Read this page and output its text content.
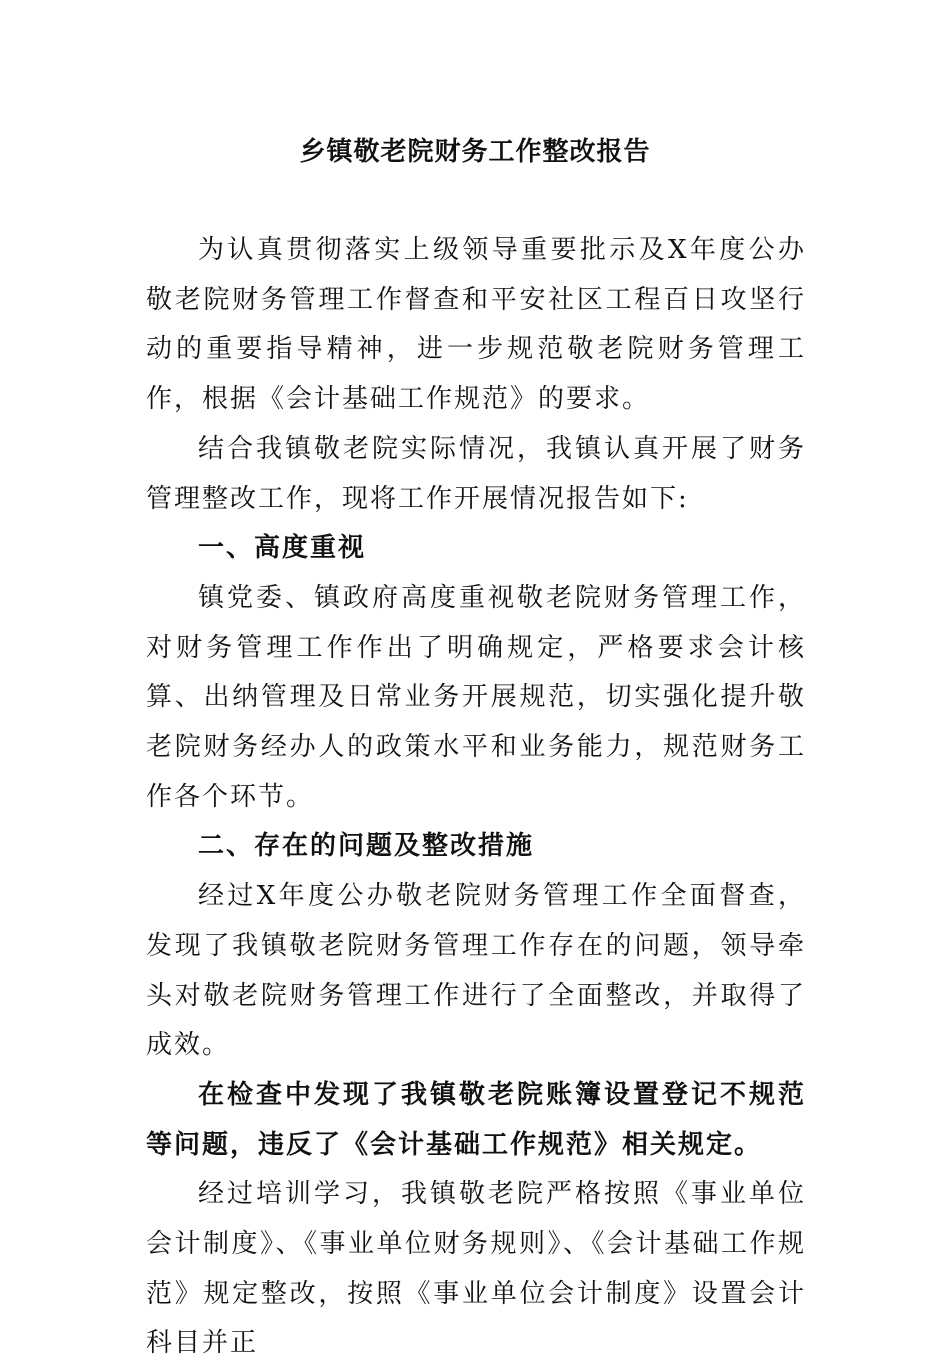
乡镇敬老院财务工作整改报告

为认真贯彻落实上级领导重要批示及X年度公办敬老院财务管理工作督查和平安社区工程百日攻坚行动的重要指导精神，进一步规范敬老院财务管理工作，根据《会计基础工作规范》的要求。

结合我镇敬老院实际情况，我镇认真开展了财务管理整改工作，现将工作开展情况报告如下:

一、高度重视

镇党委、镇政府高度重视敬老院财务管理工作，对财务管理工作作出了明确规定，严格要求会计核算、出纳管理及日常业务开展规范，切实强化提升敬老院财务经办人的政策水平和业务能力，规范财务工作各个环节。

二、存在的问题及整改措施

经过X年度公办敬老院财务管理工作全面督查，发现了我镇敬老院财务管理工作存在的问题，领导牵头对敬老院财务管理工作进行了全面整改，并取得了成效。

在检查中发现了我镇敬老院账簿设置登记不规范等问题，违反了《会计基础工作规范》相关规定。

经过培训学习，我镇敬老院严格按照《事业单位会计制度》、《事业单位财务规则》、《会计基础工作规范》规定整改，按照《事业单位会计制度》设置会计科目并正
